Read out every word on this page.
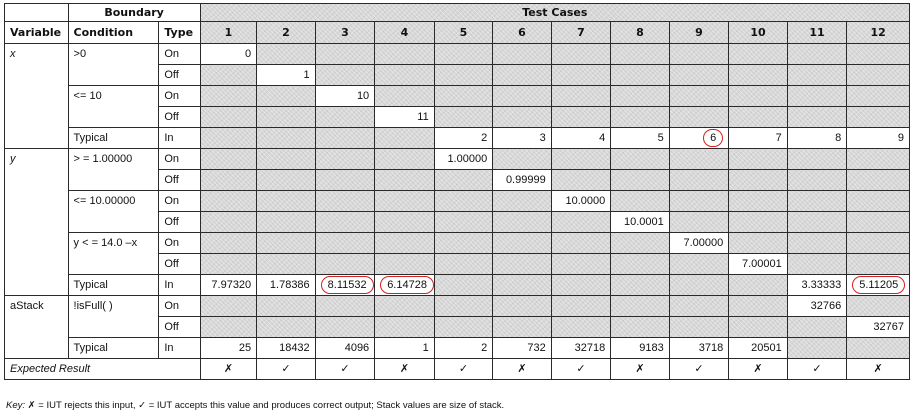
	Boundary		Test Cases											
Variable	Condition	Type	1	2	3	4	5	6	7	8	9	10	11	12
x	>0	On	0											
		Off		1										
	<= 10	On			10									
		Off				11								
	Typical	In					2	3	4	5	6	7	8	9
y	> = 1.00000	On					1.00000							
		Off						0.99999						
	<= 10.00000	On							10.0000					
		Off								10.0001				
	y < = 14.0 –x	On									7.00000			
		Off										7.00001		
	Typical	In	7.97320	1.78386	8.11532	6.14728							3.33333	5.11205
aStack	!isFull( )	On											32766	
		Off												32767
	Typical	In	25	18432	4096	1	2	732	32718	9183	3718	20501		
Expected Result			✗	✓	✓	✗	✓	✗	✓	✗	✓	✗	✓	✗
Key: ✗ = IUT rejects this input, ✓ = IUT accepts this value and produces correct output; Stack values are size of stack.
